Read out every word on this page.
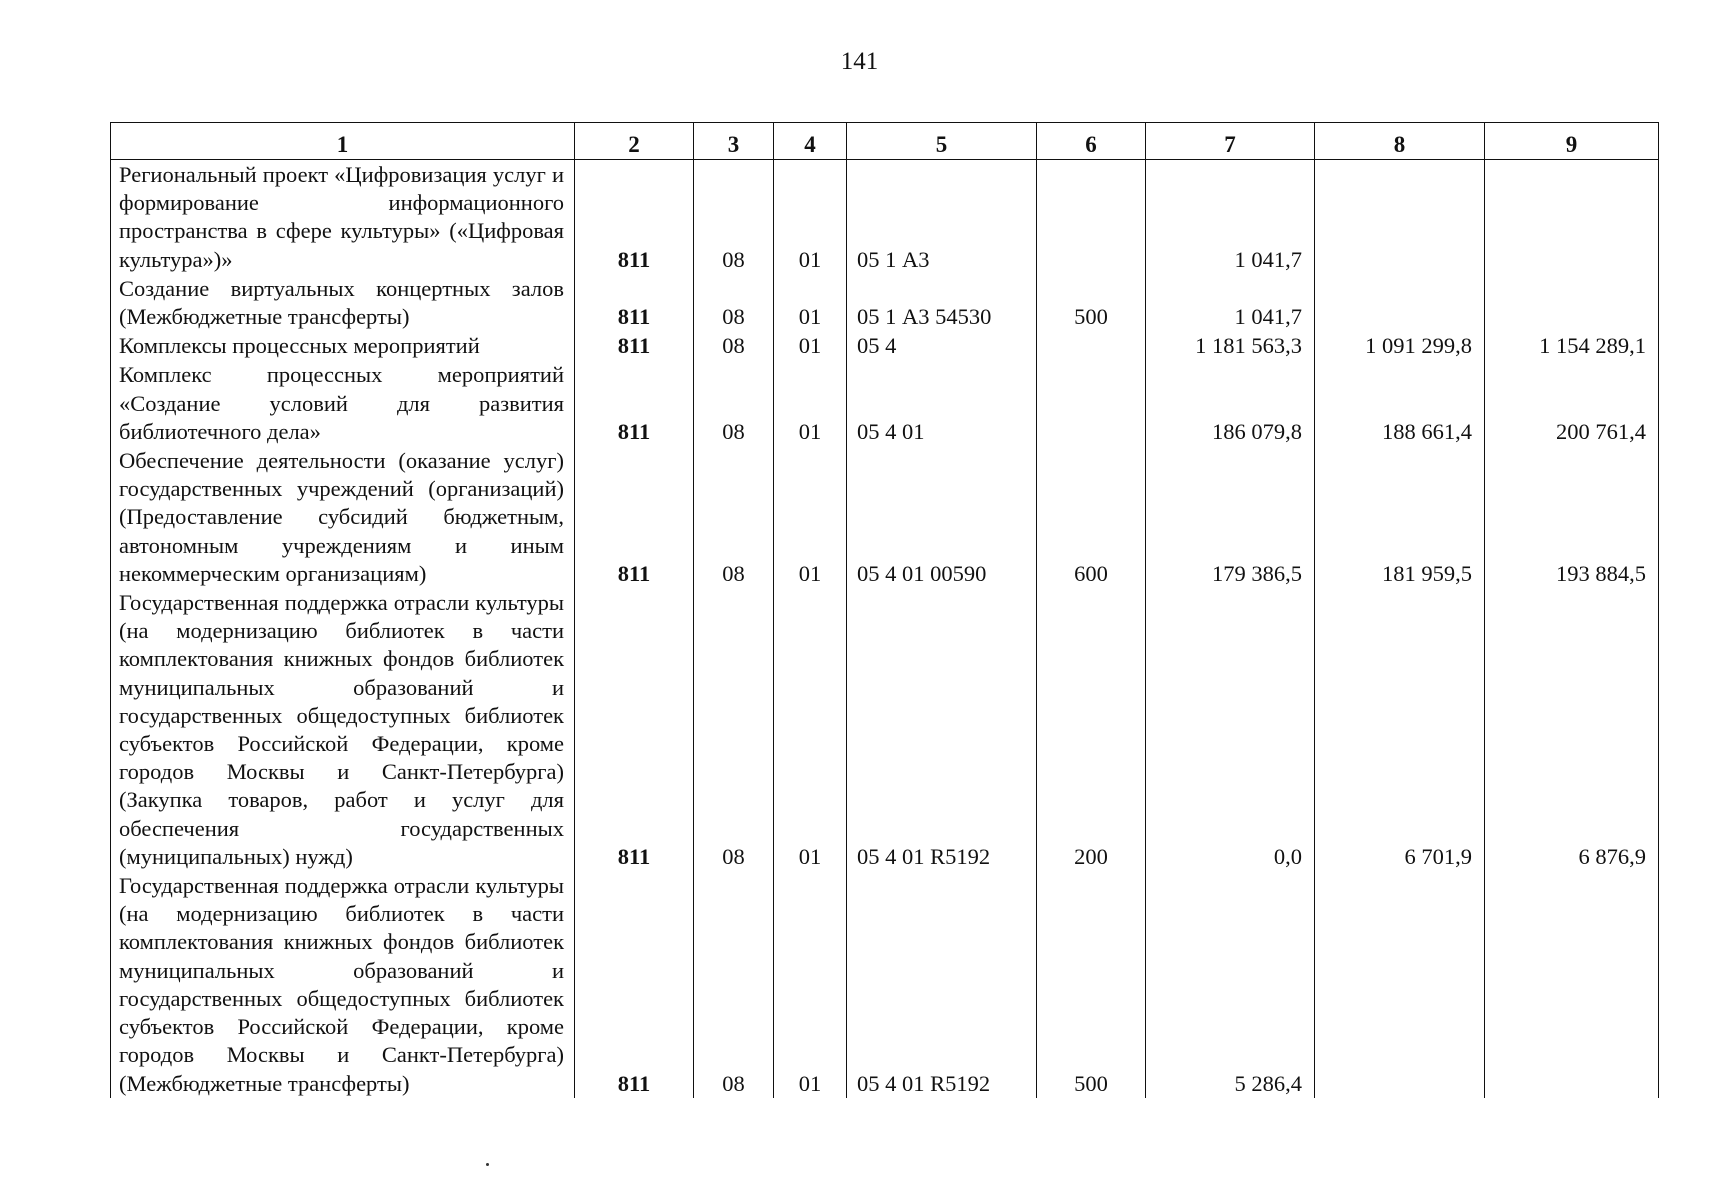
141
1	2	3	4	5	6	7	8	9
Региональный проект «Цифровизация услуг и формирование информационного пространства в сфере культуры» («Цифровая культура»)»	811	08	01	05 1 А3		1 041,7		
Создание виртуальных концертных залов (Межбюджетные трансферты)	811	08	01	05 1 А3 54530	500	1 041,7		
Комплексы процессных мероприятий	811	08	01	05 4		1 181 563,3	1 091 299,8	1 154 289,1
Комплекс процессных мероприятий «Создание условий для развития библиотечного дела»	811	08	01	05 4 01		186 079,8	188 661,4	200 761,4
Обеспечение деятельности (оказание услуг) государственных учреждений (организаций) (Предоставление субсидий бюджетным, автономным учреждениям и иным некоммерческим организациям)	811	08	01	05 4 01 00590	600	179 386,5	181 959,5	193 884,5
Государственная поддержка отрасли культуры (на модернизацию библиотек в части комплектования книжных фондов библиотек муниципальных образований и государственных общедоступных библиотек субъектов Российской Федерации, кроме городов Москвы и Санкт-Петербурга) (Закупка товаров, работ и услуг для обеспечения государственных (муниципальных) нужд)	811	08	01	05 4 01 R5192	200	0,0	6 701,9	6 876,9
Государственная поддержка отрасли культуры (на модернизацию библиотек в части комплектования книжных фондов библиотек муниципальных образований и государственных общедоступных библиотек субъектов Российской Федерации, кроме городов Москвы и Санкт-Петербурга) (Межбюджетные трансферты)	811	08	01	05 4 01 R5192	500	5 286,4		
